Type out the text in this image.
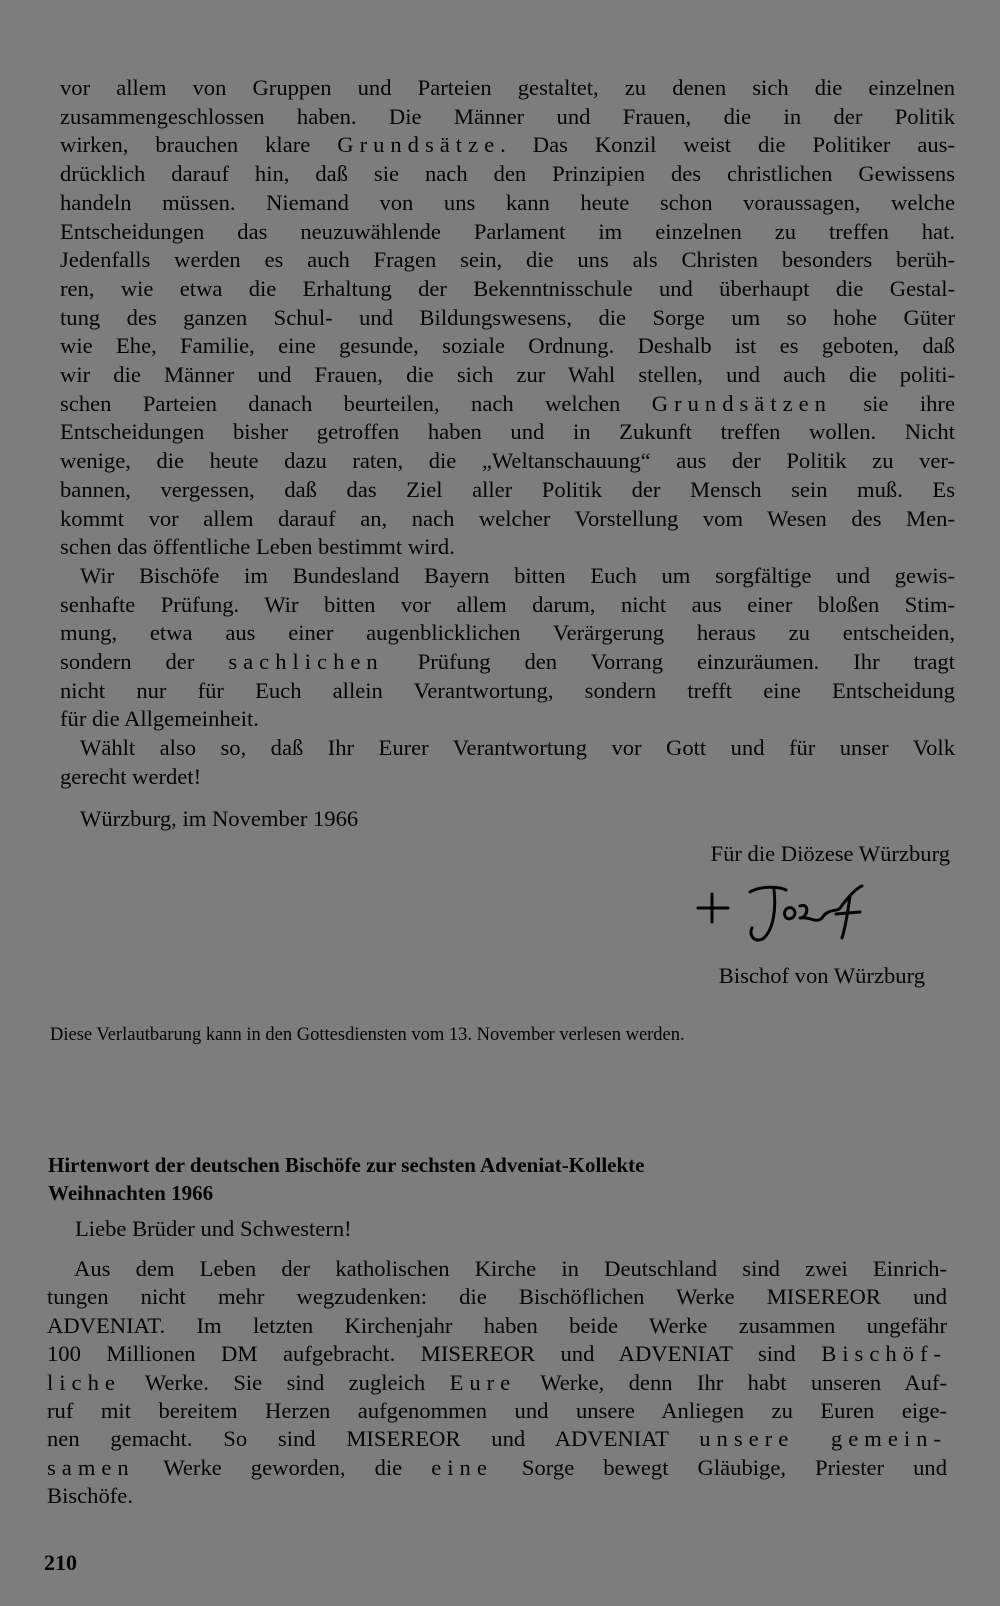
vor allem von Gruppen und Parteien gestaltet, zu denen sich die einzelnen
zusammengeschlossen haben. Die Männer und Frauen, die in der Politik
wirken, brauchen klare Grundsätze. Das Konzil weist die Politiker aus-
drücklich darauf hin, daß sie nach den Prinzipien des christlichen Gewissens
handeln müssen. Niemand von uns kann heute schon voraussagen, welche
Entscheidungen das neuzuwählende Parlament im einzelnen zu treffen hat.
Jedenfalls werden es auch Fragen sein, die uns als Christen besonders berüh-
ren, wie etwa die Erhaltung der Bekenntnisschule und überhaupt die Gestal-
tung des ganzen Schul- und Bildungswesens, die Sorge um so hohe Güter
wie Ehe, Familie, eine gesunde, soziale Ordnung. Deshalb ist es geboten, daß
wir die Männer und Frauen, die sich zur Wahl stellen, und auch die politi-
schen Parteien danach beurteilen, nach welchen Grundsätzen sie ihre
Entscheidungen bisher getroffen haben und in Zukunft treffen wollen. Nicht
wenige, die heute dazu raten, die „Weltanschauung“ aus der Politik zu ver-
bannen, vergessen, daß das Ziel aller Politik der Mensch sein muß. Es
kommt vor allem darauf an, nach welcher Vorstellung vom Wesen des Men-
schen das öffentliche Leben bestimmt wird.
Wir Bischöfe im Bundesland Bayern bitten Euch um sorgfältige und gewis-
senhafte Prüfung. Wir bitten vor allem darum, nicht aus einer bloßen Stim-
mung, etwa aus einer augenblicklichen Verärgerung heraus zu entscheiden,
sondern der sachlichen Prüfung den Vorrang einzuräumen. Ihr tragt
nicht nur für Euch allein Verantwortung, sondern trefft eine Entscheidung
für die Allgemeinheit.
Wählt also so, daß Ihr Eurer Verantwortung vor Gott und für unser Volk
gerecht werdet!
Würzburg, im November 1966
Für die Diözese Würzburg
Bischof von Würzburg
Diese Verlautbarung kann in den Gottesdiensten vom 13. November verlesen werden.
Hirtenwort der deutschen Bischöfe zur sechsten Adveniat-Kollekte
Weihnachten 1966
Liebe Brüder und Schwestern!
Aus dem Leben der katholischen Kirche in Deutschland sind zwei Einrich-
tungen nicht mehr wegzudenken: die Bischöflichen Werke MISEREOR und
ADVENIAT. Im letzten Kirchenjahr haben beide Werke zusammen ungefähr
100 Millionen DM aufgebracht. MISEREOR und ADVENIAT sind Bischöf-
liche Werke. Sie sind zugleich Eure Werke, denn Ihr habt unseren Auf-
ruf mit bereitem Herzen aufgenommen und unsere Anliegen zu Euren eige-
nen gemacht. So sind MISEREOR und ADVENIAT unsere gemein-
samen Werke geworden, die eine Sorge bewegt Gläubige, Priester und
Bischöfe.
210
